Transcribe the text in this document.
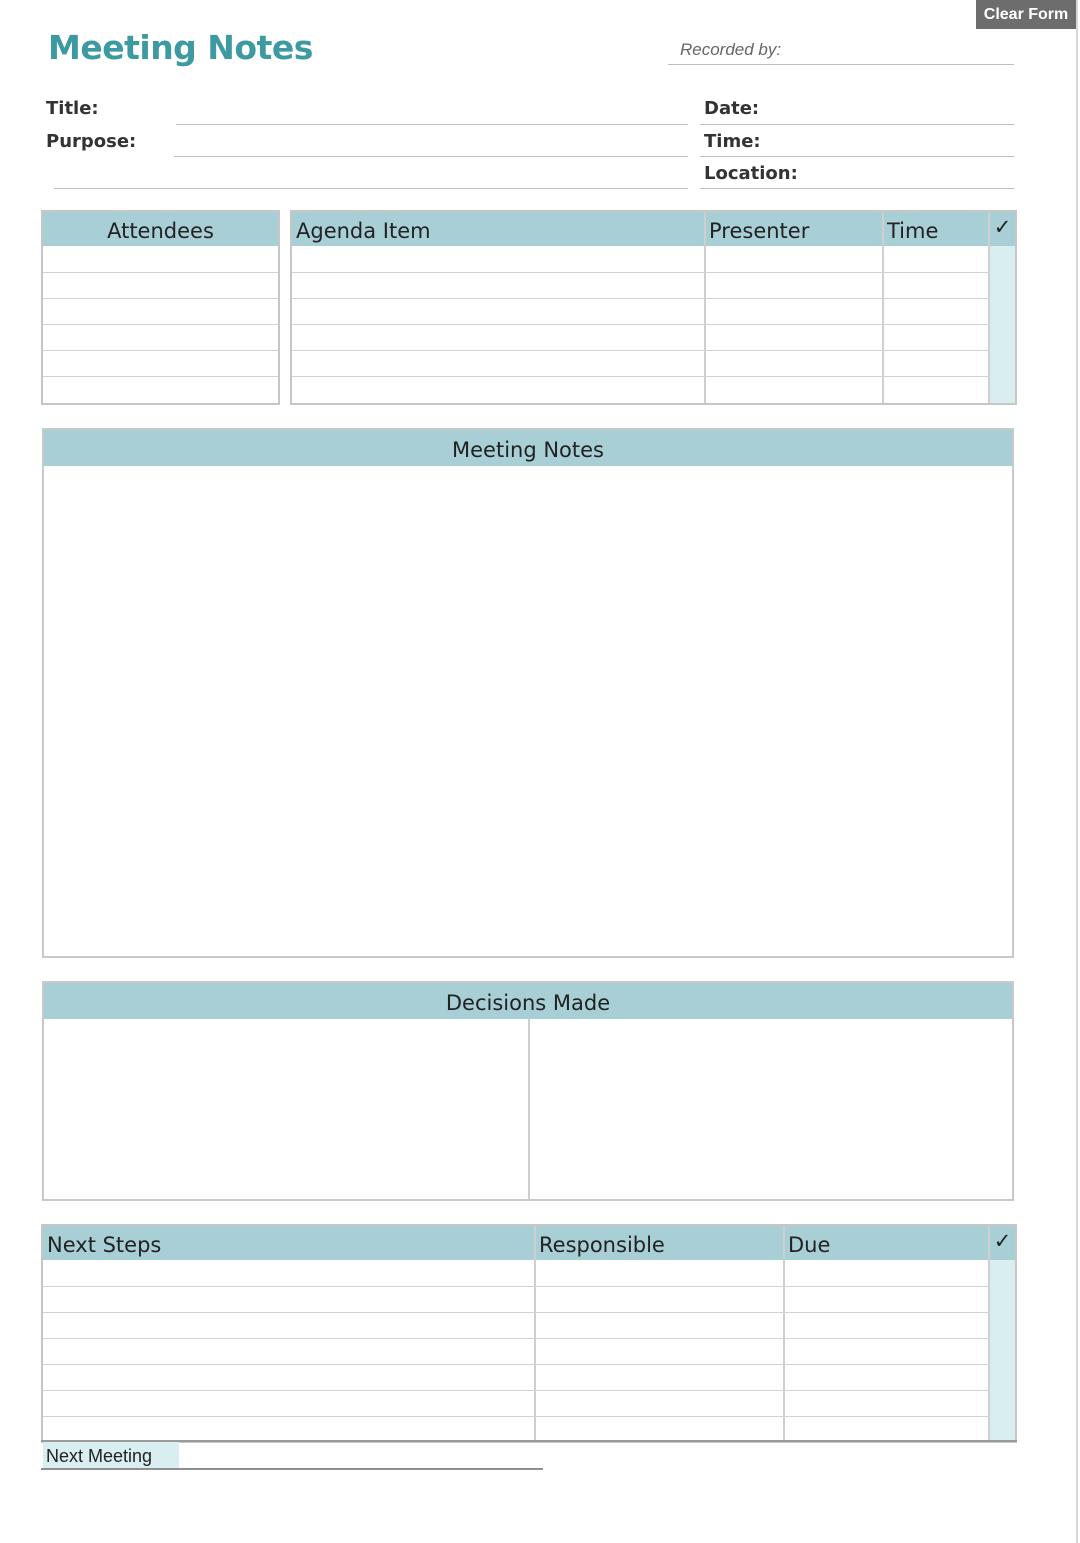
Meeting Notes
Clear Form
Recorded by:
Title:
Purpose:
Date:
Time:
Location:
Attendees	Agenda Item	Presenter	Time	✓
Meeting Notes
Decisions Made
Next Steps	Responsible	Due	✓
Next Meeting
